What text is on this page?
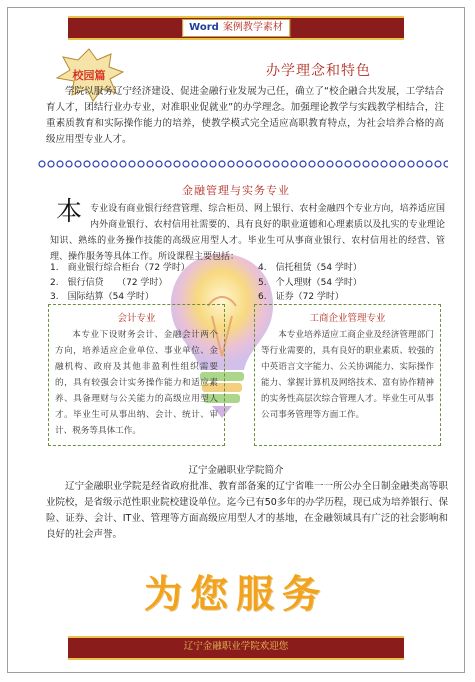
Word 案例教学素材
校园篇	办学理念和特色
学院以服务辽宁经济建设、促进金融行业发展为己任，确立了“校企融合共发展，工学结合育人才，团结行业办专业，对准职业促就业”的办学理念。加强理论教学与实践教学相结合，注重素质教育和实际操作能力的培养，使教学模式完全适应高职教育特点，为社会培养合格的高级应用型专业人才。
金融管理与实务专业
本专业设有商业银行经营管理、综合柜员、网上银行、农村金融四个专业方向，培养适应国内外商业银行、农村信用社需要的、具有良好的职业道德和心理素质以及扎实的专业理论知识、熟练的业务操作技能的高级应用型人才。毕业生可从事商业银行、农村信用社的经营、管理、操作服务等具体工作。所设课程主要包括：
1.　商业银行综合柜台（72 学时）
2.　银行信贷　　（72 学时）
3.　国际结算（54 学时）
4.　信托租赁（54 学时）
5.　个人理财（54 学时）
6.　证券（72 学时）
会计专业
本专业下设财务会计、金融会计两个方向，培养适应企业单位、事业单位、金融机构、政府及其他非盈利性组织需要的，具有较强会计实务操作能力和适应素养、具备理财与公关能力的高级应用型人才。毕业生可从事出纳、会计、统计、审计、税务等具体工作。
工商企业管理专业
本专业培养适应工商企业及经济管理部门等行业需要的，具有良好的职业素质、较强的中英语言文字能力、公关协调能力、实际操作能力、掌握计算机及网络技术、富有协作精神的实务性高层次综合管理人才。毕业生可从事公司事务管理等方面工作。
辽宁金融职业学院简介
辽宁金融职业学院是经省政府批准、教育部备案的辽宁省唯一一所公办全日制金融类高等职业院校，是省级示范性职业院校建设单位。迄今已有50多年的办学历程，现已成为培养银行、保险、证券、会计、IT业、管理等方面高级应用型人才的基地，在金融领域具有广泛的社会影响和良好的社会声誉。
为您服务
辽宁金融职业学院欢迎您
